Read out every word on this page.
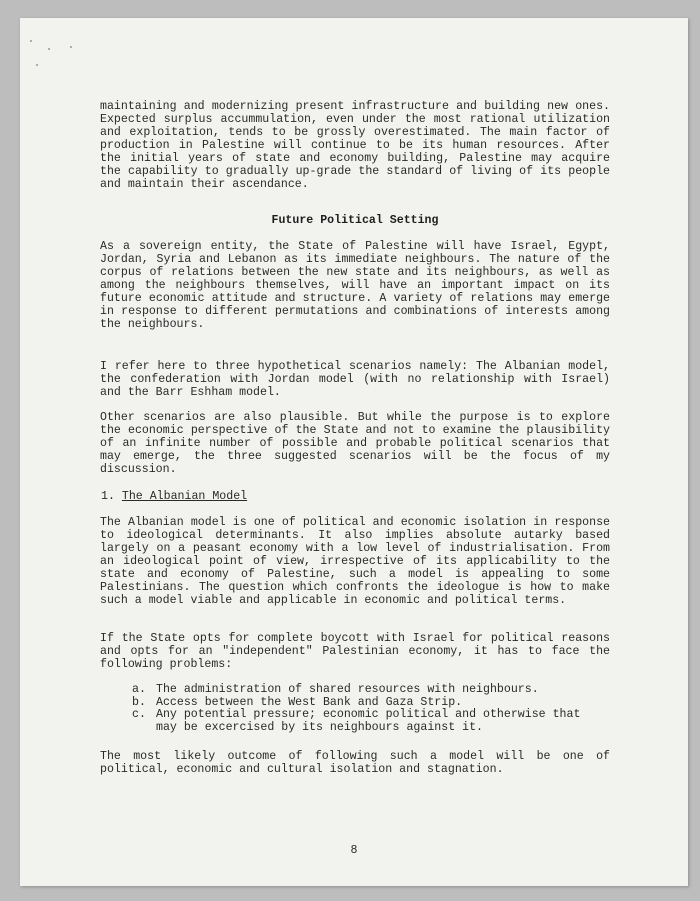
maintaining and modernizing present infrastructure and building new ones. Expected surplus accummulation, even under the most rational utilization and exploitation, tends to be grossly overestimated. The main factor of production in Palestine will continue to be its human resources. After the initial years of state and economy building, Palestine may acquire the capability to gradually up-grade the standard of living of its people and maintain their ascendance.

Future Political Setting

As a sovereign entity, the State of Palestine will have Israel, Egypt, Jordan, Syria and Lebanon as its immediate neighbours. The nature of the corpus of relations between the new state and its neighbours, as well as among the neighbours themselves, will have an important impact on its future economic attitude and structure. A variety of relations may emerge in response to different permutations and combinations of interests among the neighbours.

I refer here to three hypothetical scenarios namely: The Albanian model, the confederation with Jordan model (with no relationship with Israel) and the Barr Eshham model.

Other scenarios are also plausible. But while the purpose is to explore the economic perspective of the State and not to examine the plausibility of an infinite number of possible and probable political scenarios that may emerge, the three suggested scenarios will be the focus of my discussion.

1. The Albanian Model

The Albanian model is one of political and economic isolation in response to ideological determinants. It also implies absolute autarky based largely on a peasant economy with a low level of industrialisation. From an ideological point of view, irrespective of its applicability to the state and economy of Palestine, such a model is appealing to some Palestinians. The question which confronts the ideologue is how to make such a model viable and applicable in economic and political terms.

If the State opts for complete boycott with Israel for political reasons and opts for an "independent" Palestinian economy, it has to face the following problems:

a. The administration of shared resources with neighbours.
b. Access between the West Bank and Gaza Strip.
c. Any potential pressure; economic political and otherwise that may be excercised by its neighbours against it.

The most likely outcome of following such a model will be one of political, economic and cultural isolation and stagnation.

8
